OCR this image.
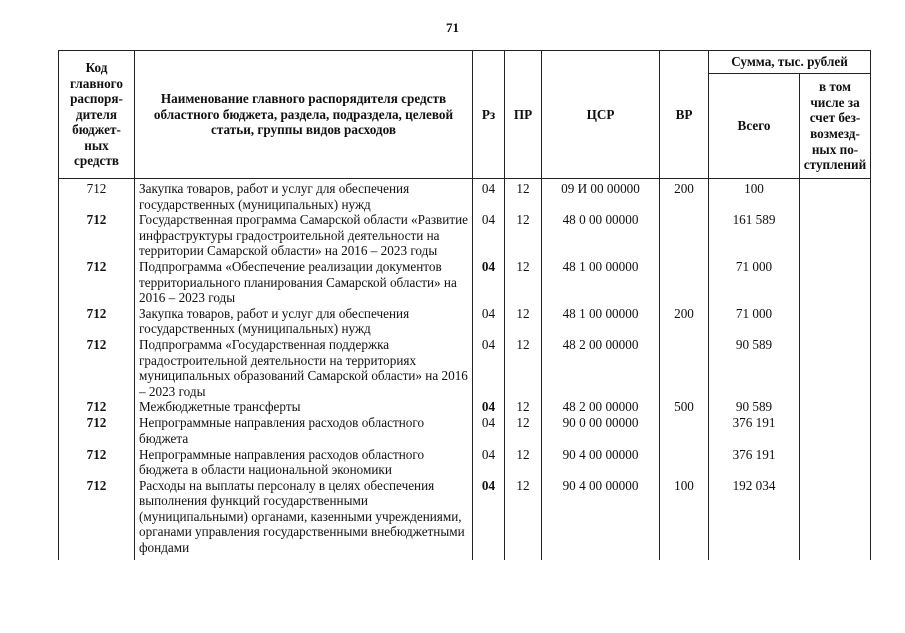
71
Код главного распоря-дителя бюджет-ных средств	Наименование главного распорядителя средств областного бюджета, раздела, подраздела, целевой статьи, группы видов расходов	Рз	ПР	ЦСР	ВР	Сумма, тыс. рублей	
						Всего	в том числе за счет без-возмезд-ных по-ступлений
712	Закупка товаров, работ и услуг для обеспечения государственных (муниципальных) нужд	04	12	09 И 00 00000	200	100	
712	Государственная программа Самарской области «Развитие инфраструктуры градостроительной деятельности на территории Самарской области» на 2016 – 2023 годы	04	12	48 0 00 00000		161 589	
712	Подпрограмма «Обеспечение реализации документов территориального планирования Самарской области» на 2016 – 2023 годы	04	12	48 1 00 00000		71 000	
712	Закупка товаров, работ и услуг для обеспечения государственных (муниципальных) нужд	04	12	48 1 00 00000	200	71 000	
712	Подпрограмма «Государственная поддержка градостроительной деятельности на территориях муниципальных образований Самарской области» на 2016 – 2023 годы	04	12	48 2 00 00000		90 589	
712	Межбюджетные трансферты	04	12	48 2 00 00000	500	90 589	
712	Непрограммные направления расходов областного бюджета	04	12	90 0 00 00000		376 191	
712	Непрограммные направления расходов областного бюджета в области национальной экономики	04	12	90 4 00 00000		376 191	
712	Расходы на выплаты персоналу в целях обеспечения выполнения функций государственными (муниципальными) органами, казенными учреждениями, органами управления государственными внебюджетными фондами	04	12	90 4 00 00000	100	192 034	
